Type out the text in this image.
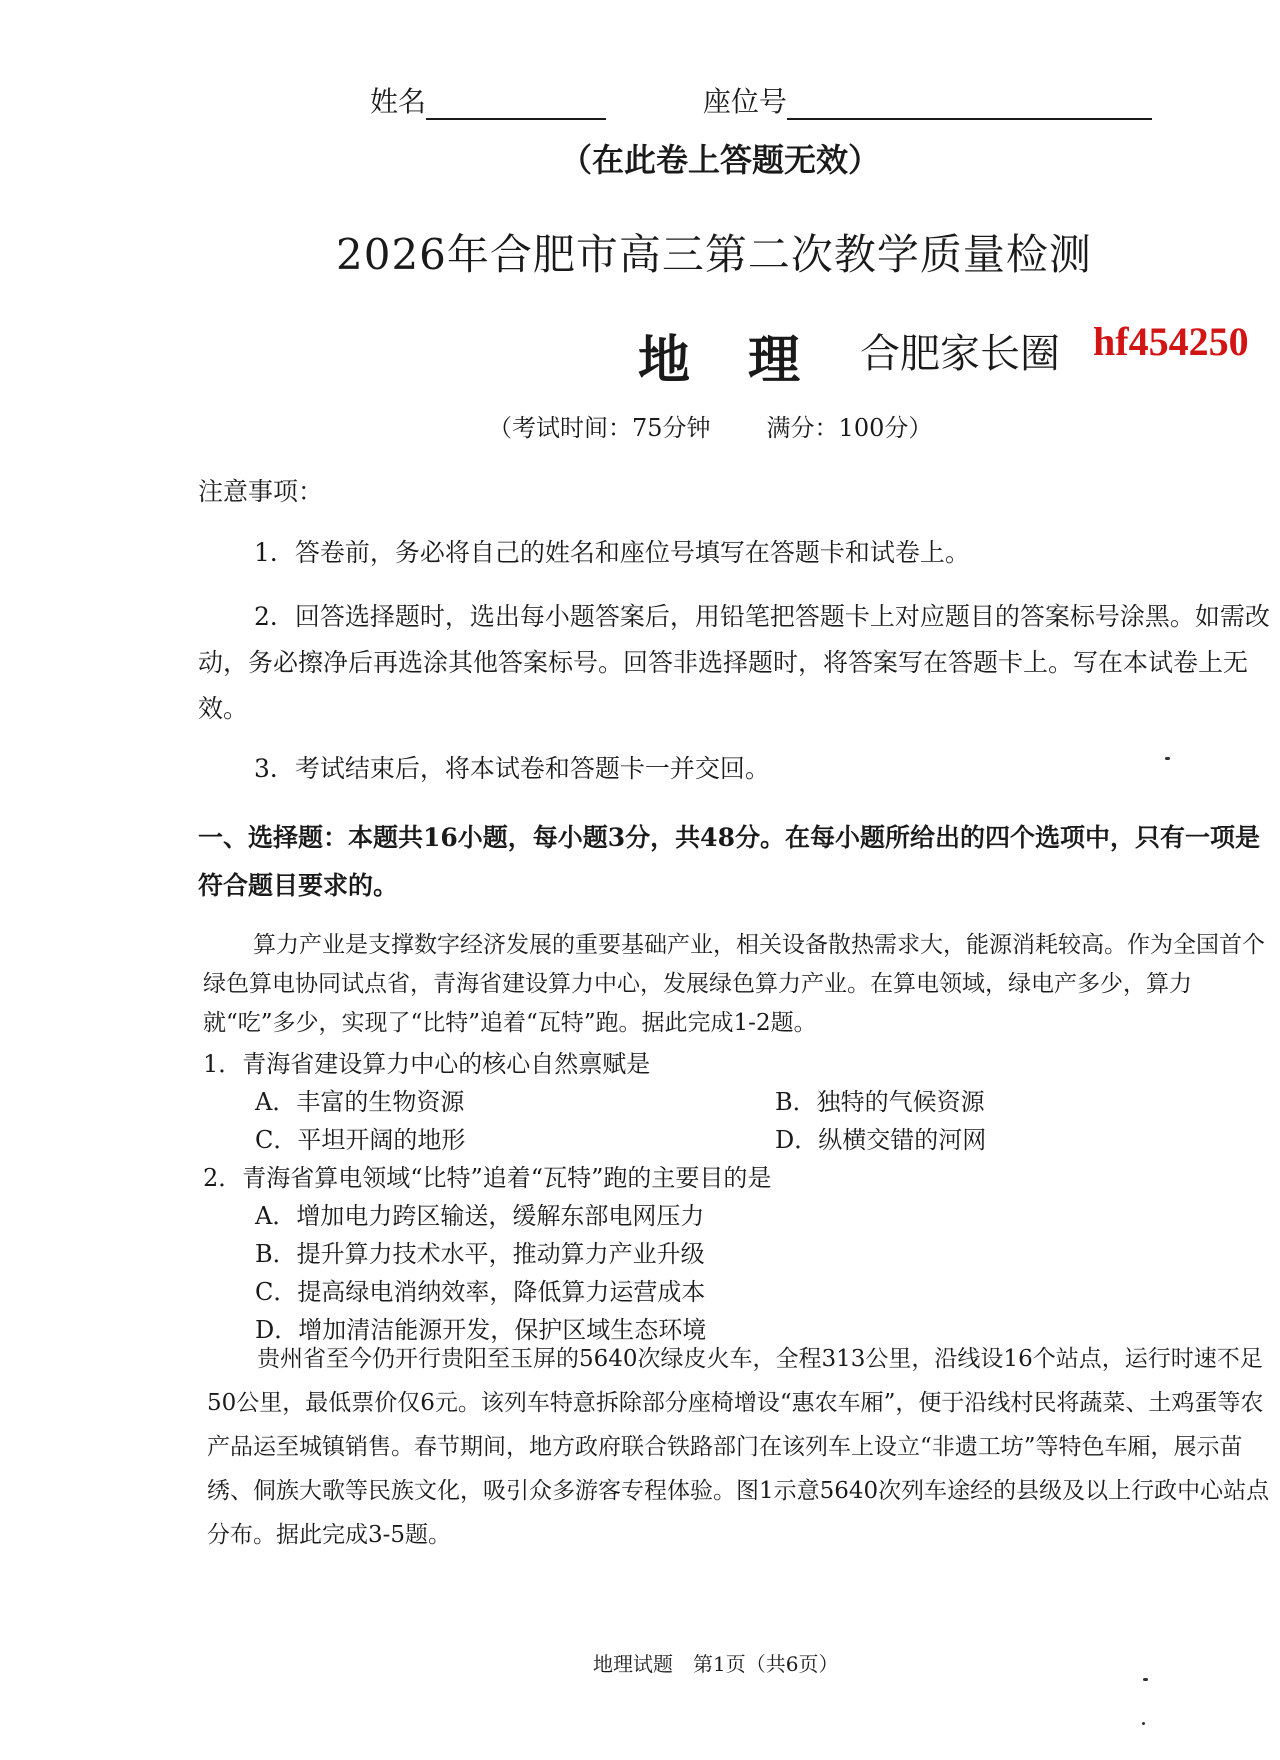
姓名	座位号
（在此卷上答题无效）
2026年合肥市高三第二次教学质量检测
地理 合肥家长圈 hf454250
（考试时间：75分钟 满分：100分）
注意事项：
1．答卷前，务必将自己的姓名和座位号填写在答题卡和试卷上。
2．回答选择题时，选出每小题答案后，用铅笔把答题卡上对应题目的答案标号涂黑。如需改动，务必擦净后再选涂其他答案标号。回答非选择题时，将答案写在答题卡上。写在本试卷上无效。
3．考试结束后，将本试卷和答题卡一并交回。
一、选择题：本题共16小题，每小题3分，共48分。在每小题所给出的四个选项中，只有一项是符合题目要求的。
算力产业是支撑数字经济发展的重要基础产业，相关设备散热需求大，能源消耗较高。作为全国首个绿色算电协同试点省，青海省建设算力中心，发展绿色算力产业。在算电领域，绿电产多少，算力就“吃”多少，实现了“比特”追着“瓦特”跑。据此完成1-2题。
1．青海省建设算力中心的核心自然禀赋是
A．丰富的生物资源	B．独特的气候资源
C．平坦开阔的地形	D．纵横交错的河网
2．青海省算电领域“比特”追着“瓦特”跑的主要目的是
A．增加电力跨区输送，缓解东部电网压力
B．提升算力技术水平，推动算力产业升级
C．提高绿电消纳效率，降低算力运营成本
D．增加清洁能源开发，保护区域生态环境
贵州省至今仍开行贵阳至玉屏的5640次绿皮火车，全程313公里，沿线设16个站点，运行时速不足50公里，最低票价仅6元。该列车特意拆除部分座椅增设“惠农车厢”，便于沿线村民将蔬菜、土鸡蛋等农产品运至城镇销售。春节期间，地方政府联合铁路部门在该列车上设立“非遗工坊”等特色车厢，展示苗绣、侗族大歌等民族文化，吸引众多游客专程体验。图1示意5640次列车途经的县级及以上行政中心站点分布。据此完成3-5题。
地理试题　第1页（共6页）
